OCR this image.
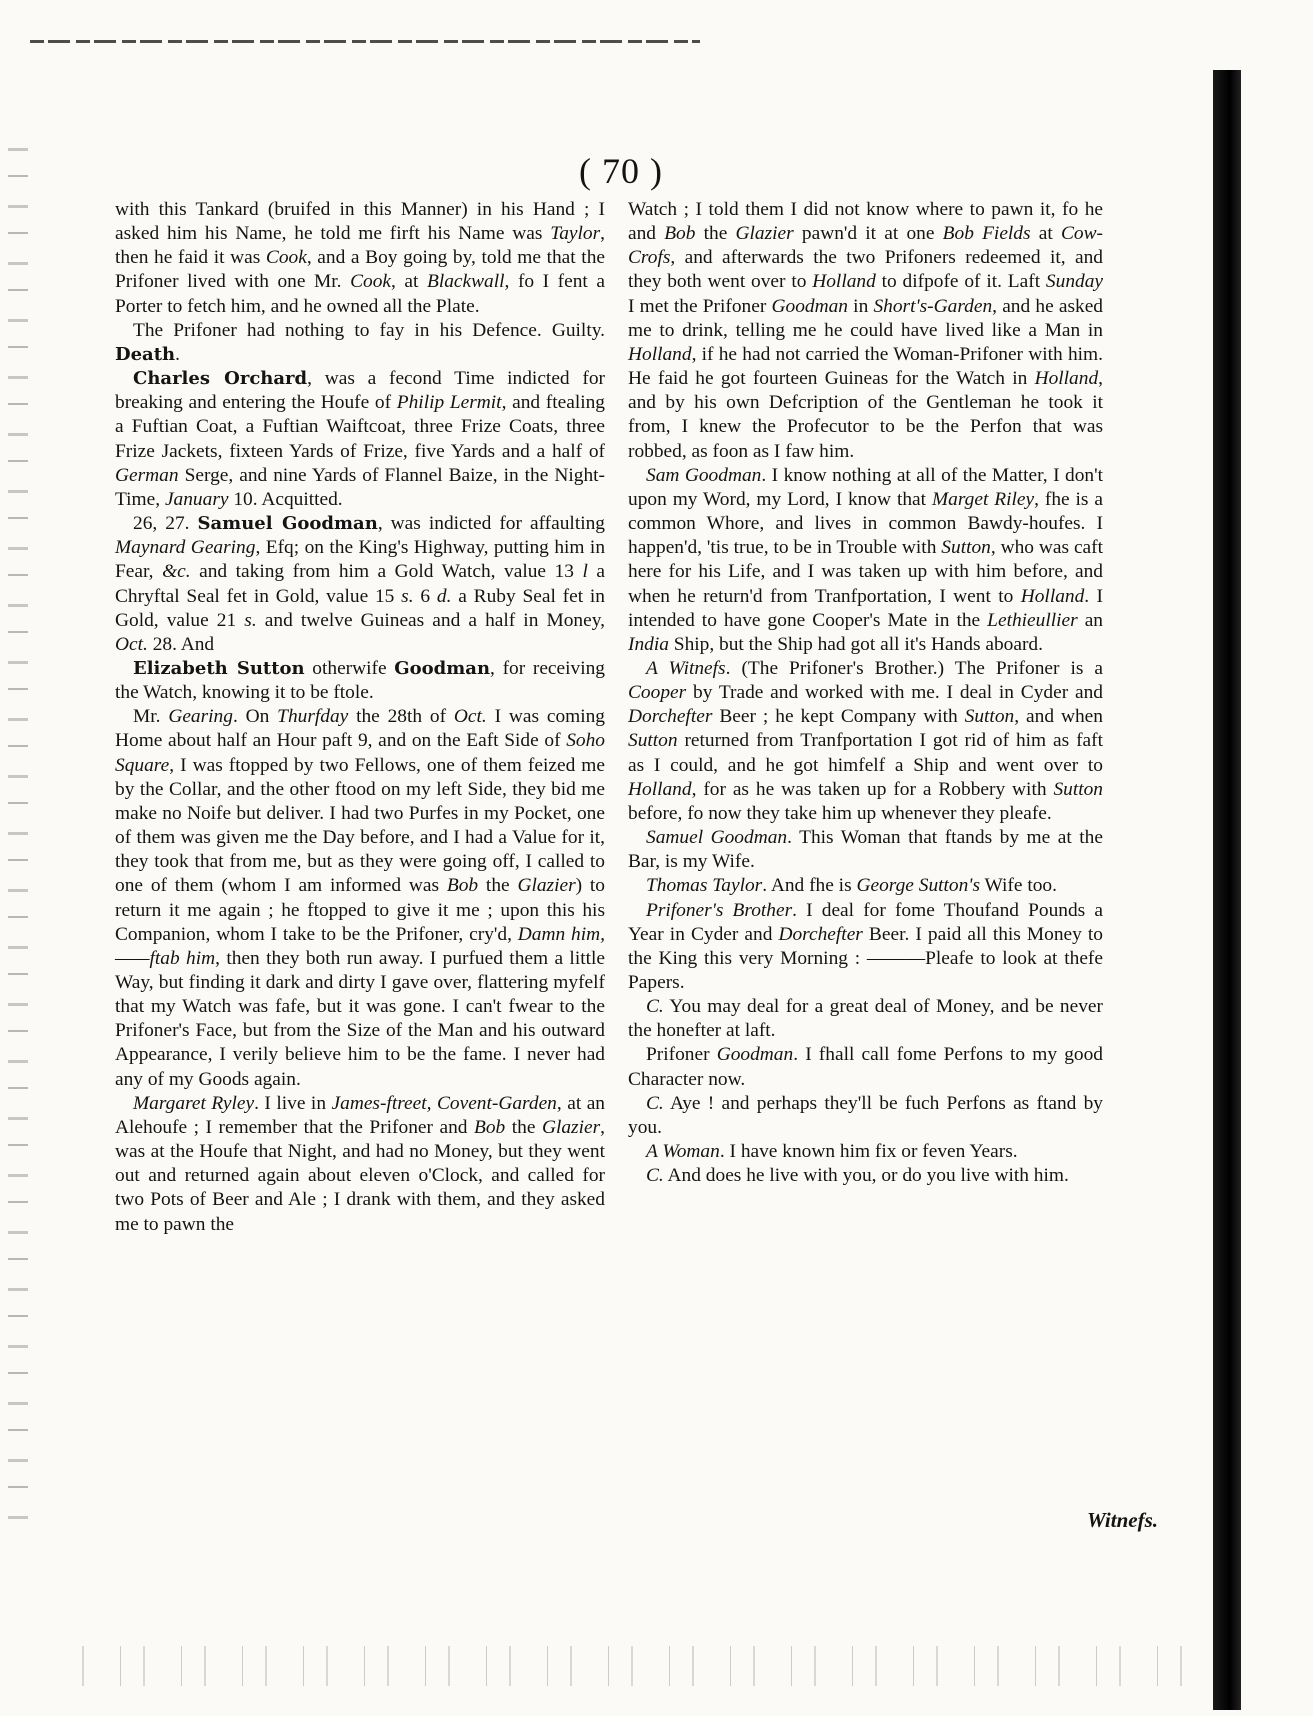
( 70 )

with this Tankard (bruifed in this Manner) in his Hand ; I asked him his Name, he told me firft his Name was Taylor, then he faid it was Cook, and a Boy going by, told me that the Prifoner lived with one Mr. Cook, at Blackwall, fo I fent a Porter to fetch him, and he owned all the Plate.

The Prifoner had nothing to fay in his Defence. Guilty. Death.

Charles Orchard, was a fecond Time indicted for breaking and entering the Houfe of Philip Lermit, and ftealing a Fuftian Coat, a Fuftian Waiftcoat, three Frize Coats, three Frize Jackets, fixteen Yards of Frize, five Yards and a half of German Serge, and nine Yards of Flannel Baize, in the Night-Time, January 10. Acquitted.

26, 27. Samuel Goodman, was indicted for affaulting Maynard Gearing, Efq; on the King's Highway, putting him in Fear, &c. and taking from him a Gold Watch, value 13 l a Chryftal Seal fet in Gold, value 15 s. 6 d. a Ruby Seal fet in Gold, value 21 s. and twelve Guineas and a half in Money, Oct. 28. And

Elizabeth Sutton otherwife Goodman, for receiving the Watch, knowing it to be ftole.

Mr. Gearing. On Thurfday the 28th of Oct. I was coming Home about half an Hour paft 9, and on the Eaft Side of Soho Square, I was ftopped by two Fellows, one of them feized me by the Collar, and the other ftood on my left Side, they bid me make no Noife but deliver. I had two Purfes in my Pocket, one of them was given me the Day before, and I had a Value for it, they took that from me, but as they were going off, I called to one of them (whom I am informed was Bob the Glazier) to return it me again ; he ftopped to give it me ; upon this his Companion, whom I take to be the Prifoner, cry'd, Damn him,——ftab him, then they both run away. I purfued them a little Way, but finding it dark and dirty I gave over, flattering myfelf that my Watch was fafe, but it was gone. I can't fwear to the Prifoner's Face, but from the Size of the Man and his outward Appearance, I verily believe him to be the fame. I never had any of my Goods again.

Margaret Ryley. I live in James-ftreet, Covent-Garden, at an Alehoufe ; I remember that the Prifoner and Bob the Glazier, was at the Houfe that Night, and had no Money, but they went out and returned again about eleven o'Clock, and called for two Pots of Beer and Ale ; I drank with them, and they asked me to pawn the

Watch ; I told them I did not know where to pawn it, fo he and Bob the Glazier pawn'd it at one Bob Fields at Cow-Crofs, and afterwards the two Prifoners redeemed it, and they both went over to Holland to difpofe of it. Laft Sunday I met the Prifoner Goodman in Short's-Garden, and he asked me to drink, telling me he could have lived like a Man in Holland, if he had not carried the Woman-Prifoner with him. He faid he got fourteen Guineas for the Watch in Holland, and by his own Defcription of the Gentleman he took it from, I knew the Profecutor to be the Perfon that was robbed, as foon as I faw him.

Sam Goodman. I know nothing at all of the Matter, I don't upon my Word, my Lord, I know that Marget Riley, fhe is a common Whore, and lives in common Bawdy-houfes. I happen'd, 'tis true, to be in Trouble with Sutton, who was caft here for his Life, and I was taken up with him before, and when he return'd from Tranfportation, I went to Holland. I intended to have gone Cooper's Mate in the Lethieullier an India Ship, but the Ship had got all it's Hands aboard.

A Witnefs. (The Prifoner's Brother.) The Prifoner is a Cooper by Trade and worked with me. I deal in Cyder and Dorchefter Beer ; he kept Company with Sutton, and when Sutton returned from Tranfportation I got rid of him as faft as I could, and he got himfelf a Ship and went over to Holland, for as he was taken up for a Robbery with Sutton before, fo now they take him up whenever they pleafe.

Samuel Goodman. This Woman that ftands by me at the Bar, is my Wife.

Thomas Taylor. And fhe is George Sutton's Wife too.

Prifoner's Brother. I deal for fome Thoufand Pounds a Year in Cyder and Dorchefter Beer. I paid all this Money to the King this very Morning : ———Pleafe to look at thefe Papers.

C. You may deal for a great deal of Money, and be never the honefter at laft.

Prifoner Goodman. I fhall call fome Perfons to my good Character now.

C. Aye ! and perhaps they'll be fuch Perfons as ftand by you.

A Woman. I have known him fix or feven Years.

C. And does he live with you, or do you live with him.

Witnefs.
